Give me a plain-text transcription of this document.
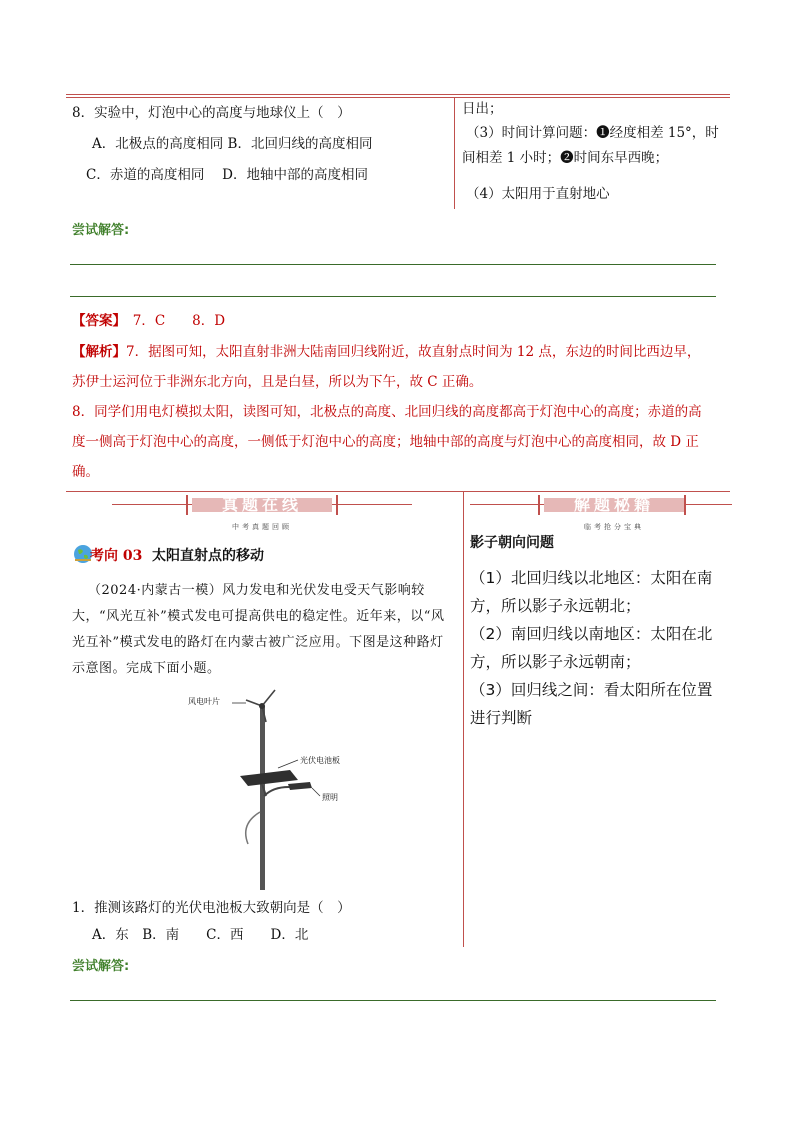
8．实验中，灯泡中心的高度与地球仪上（　）
A．北极点的高度相同 B．北回归线的高度相同
C．赤道的高度相同　 D．地轴中部的高度相同
日出；
（3）时间计算问题：❶经度相差 15°，时
间相差 1 小时；❷时间东早西晚；
（4）太阳用于直射地心
尝试解答:
【答案】　7．C　　8．D
【解析】7．据图可知，太阳直射非洲大陆南回归线附近，故直射点时间为 12 点，东边的时间比西边早，
苏伊士运河位于非洲东北方向，且是白昼，所以为下午，故 C 正确。
8．同学们用电灯模拟太阳，读图可知，北极点的高度、北回归线的高度都高于灯泡中心的高度；赤道的高
度一侧高于灯泡中心的高度，一侧低于灯泡中心的高度；地轴中部的高度与灯泡中心的高度相同，故 D 正
确。
真题在线
中考真题回顾
解题秘籍
临考抢分宝典
考向 03 太阳直射点的移动
（2024·内蒙古一模）风力发电和光伏发电受天气影响较
大，“风光互补”模式发电可提高供电的稳定性。近年来，以“风
光互补”模式发电的路灯在内蒙古被广泛应用。下图是这种路灯
示意图。完成下面小题。
风电叶片
光伏电池板
照明
1．推测该路灯的光伏电池板大致朝向是（　）
A．东　B．南　　C．西　　D．北
影子朝向问题
（1）北回归线以北地区：太阳在南
方，所以影子永远朝北；
（2）南回归线以南地区：太阳在北
方，所以影子永远朝南；
（3）回归线之间：看太阳所在位置
进行判断
尝试解答:
